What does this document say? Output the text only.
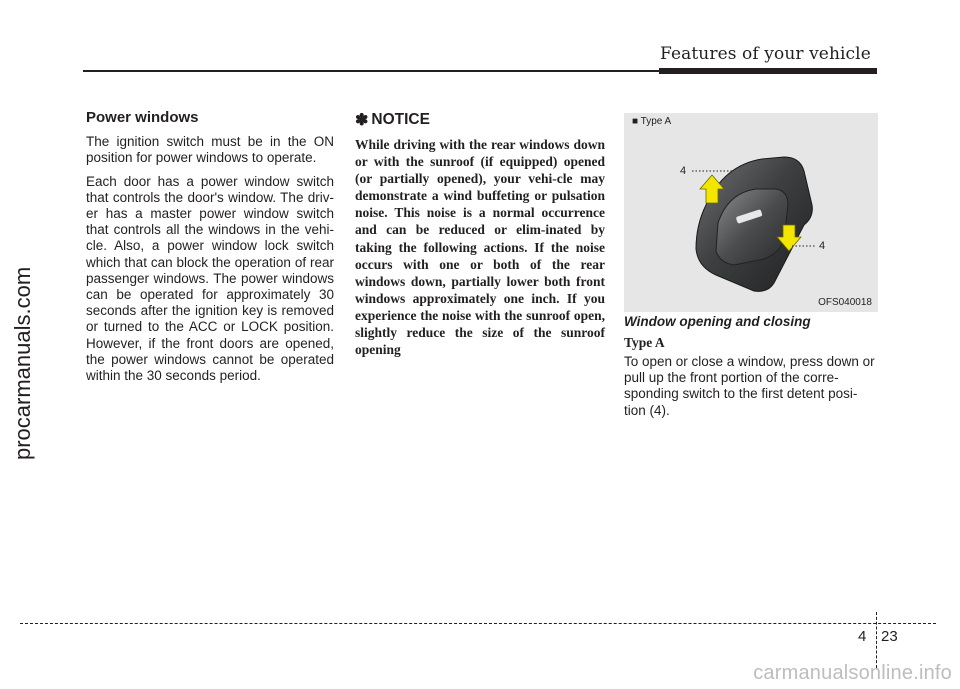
Features of your vehicle
procarmanuals.com
Power windows

The ignition switch must be in the ON position for power windows to operate.

Each door has a power window switch that controls the door's window. The driv-er has a master power window switch that controls all the windows in the vehi-cle. Also, a power window lock switch which that can block the operation of rear passenger windows. The power windows can be operated for approximately 30 seconds after the ignition key is removed or turned to the ACC or LOCK position. However, if the front doors are opened, the power windows cannot be operated within the 30 seconds period.

✽ NOTICE

While driving with the rear windows down or with the sunroof (if equipped) opened (or partially opened), your vehi-cle may demonstrate a wind buffeting or pulsation noise. This noise is a normal occurrence and can be reduced or elim-inated by taking the following actions. If the noise occurs with one or both of the rear windows down, partially lower both front windows approximately one inch. If you experience the noise with the sunroof open, slightly reduce the size of the sunroof opening

■ Type A
4
4
OFS040018
Window opening and closing
Type A

To open or close a window, press down or pull up the front portion of the corre-sponding switch to the first detent posi-tion (4).

4 23
carmanualsonline.info
